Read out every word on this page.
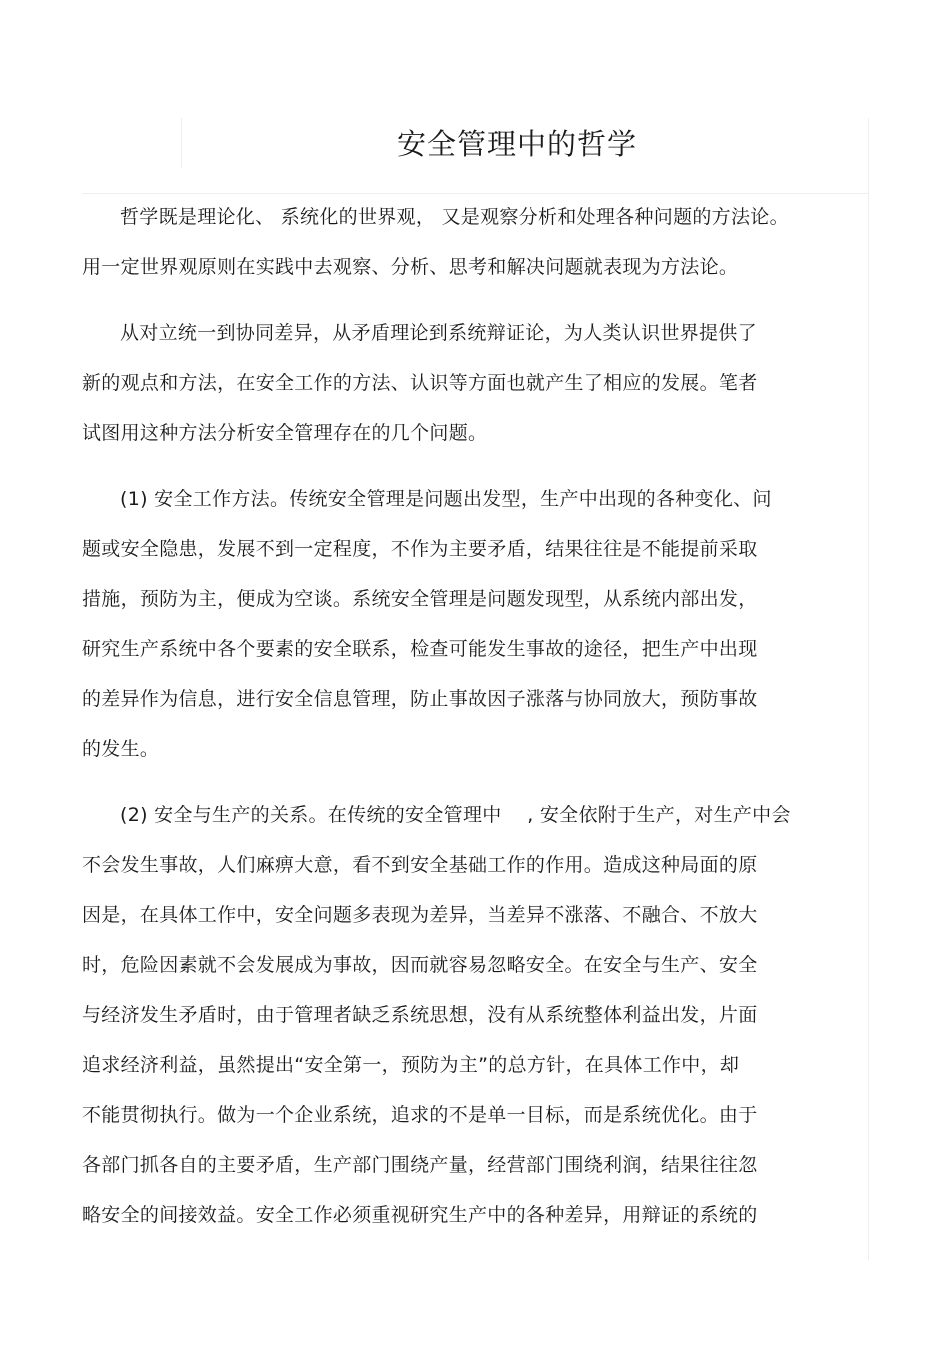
安全管理中的哲学
哲学既是理论化、 系统化的世界观， 又是观察分析和处理各种问题的方法论。
用一定世界观原则在实践中去观察、分析、思考和解决问题就表现为方法论。
从对立统一到协同差异，从矛盾理论到系统辩证论，为人类认识世界提供了
新的观点和方法，在安全工作的方法、认识等方面也就产生了相应的发展。笔者
试图用这种方法分析安全管理存在的几个问题。
(1) 安全工作方法。传统安全管理是问题出发型，生产中出现的各种变化、问
题或安全隐患，发展不到一定程度，不作为主要矛盾，结果往往是不能提前采取
措施，预防为主，便成为空谈。系统安全管理是问题发现型，从系统内部出发，
研究生产系统中各个要素的安全联系，检查可能发生事故的途径，把生产中出现
的差异作为信息，进行安全信息管理，防止事故因子涨落与协同放大，预防事故
的发生。
(2) 安全与生产的关系。在传统的安全管理中　 , 安全依附于生产，对生产中会
不会发生事故，人们麻痹大意，看不到安全基础工作的作用。造成这种局面的原
因是，在具体工作中，安全问题多表现为差异，当差异不涨落、不融合、不放大
时，危险因素就不会发展成为事故，因而就容易忽略安全。在安全与生产、安全
与经济发生矛盾时，由于管理者缺乏系统思想，没有从系统整体利益出发，片面
追求经济利益，虽然提出“安全第一，预防为主”的总方针，在具体工作中，却
不能贯彻执行。做为一个企业系统，追求的不是单一目标，而是系统优化。由于
各部门抓各自的主要矛盾，生产部门围绕产量，经营部门围绕利润，结果往往忽
略安全的间接效益。安全工作必须重视研究生产中的各种差异，用辩证的系统的
